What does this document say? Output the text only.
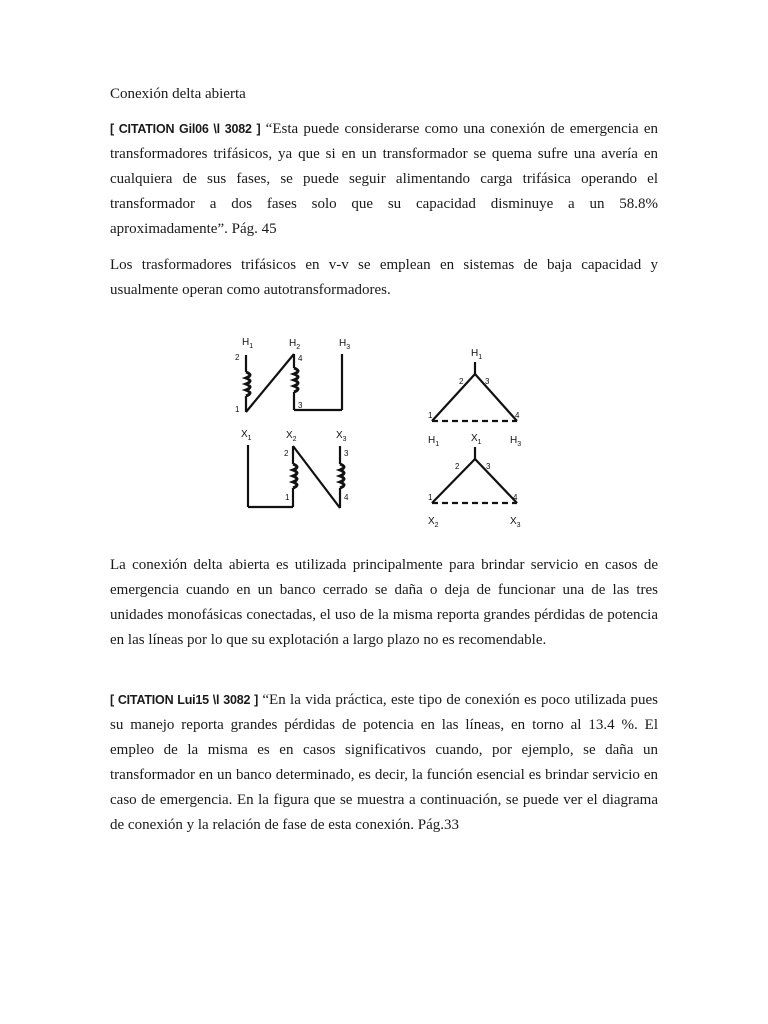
Conexión delta abierta

[ CITATION Gil06 \l 3082 ] “Esta puede considerarse como una conexión de emergencia en transformadores trifásicos, ya que si en un transformador se quema sufre una avería en cualquiera de sus fases, se puede seguir alimentando carga trifásica operando el transformador a dos fases solo que su capacidad disminuye a un 58.8% aproximadamente”. Pág. 45

Los trasformadores trifásicos en v-v se emplean en sistemas de baja capacidad y usualmente operan como autotransformadores.

La conexión delta abierta es utilizada principalmente para brindar servicio en casos de emergencia cuando en un banco cerrado se daña o deja de funcionar una de las tres unidades monofásicas conectadas, el uso de la misma reporta grandes pérdidas de potencia en las líneas por lo que su explotación a largo plazo no es recomendable.

[ CITATION Lui15 \l 3082 ] “En la vida práctica, este tipo de conexión es poco utilizada pues su manejo reporta grandes pérdidas de potencia en las líneas, en torno al 13.4 %. El empleo de la misma es en casos significativos cuando, por ejemplo, se daña un transformador en un banco determinado, es decir, la función esencial es brindar servicio en caso de emergencia. En la figura que se muestra a continuación, se puede ver el diagrama de conexión y la relación de fase de esta conexión. Pág.33

$H_1$	$H_2$	$H_3$
2
1
4
3
$X_1$	$X_2$	$X_3$
2
1
3
4
$H_1$
2	3
1	4
$H_1$	$H_3$
$X_1$
2	3
1	4
$X_2$	$X_3$
